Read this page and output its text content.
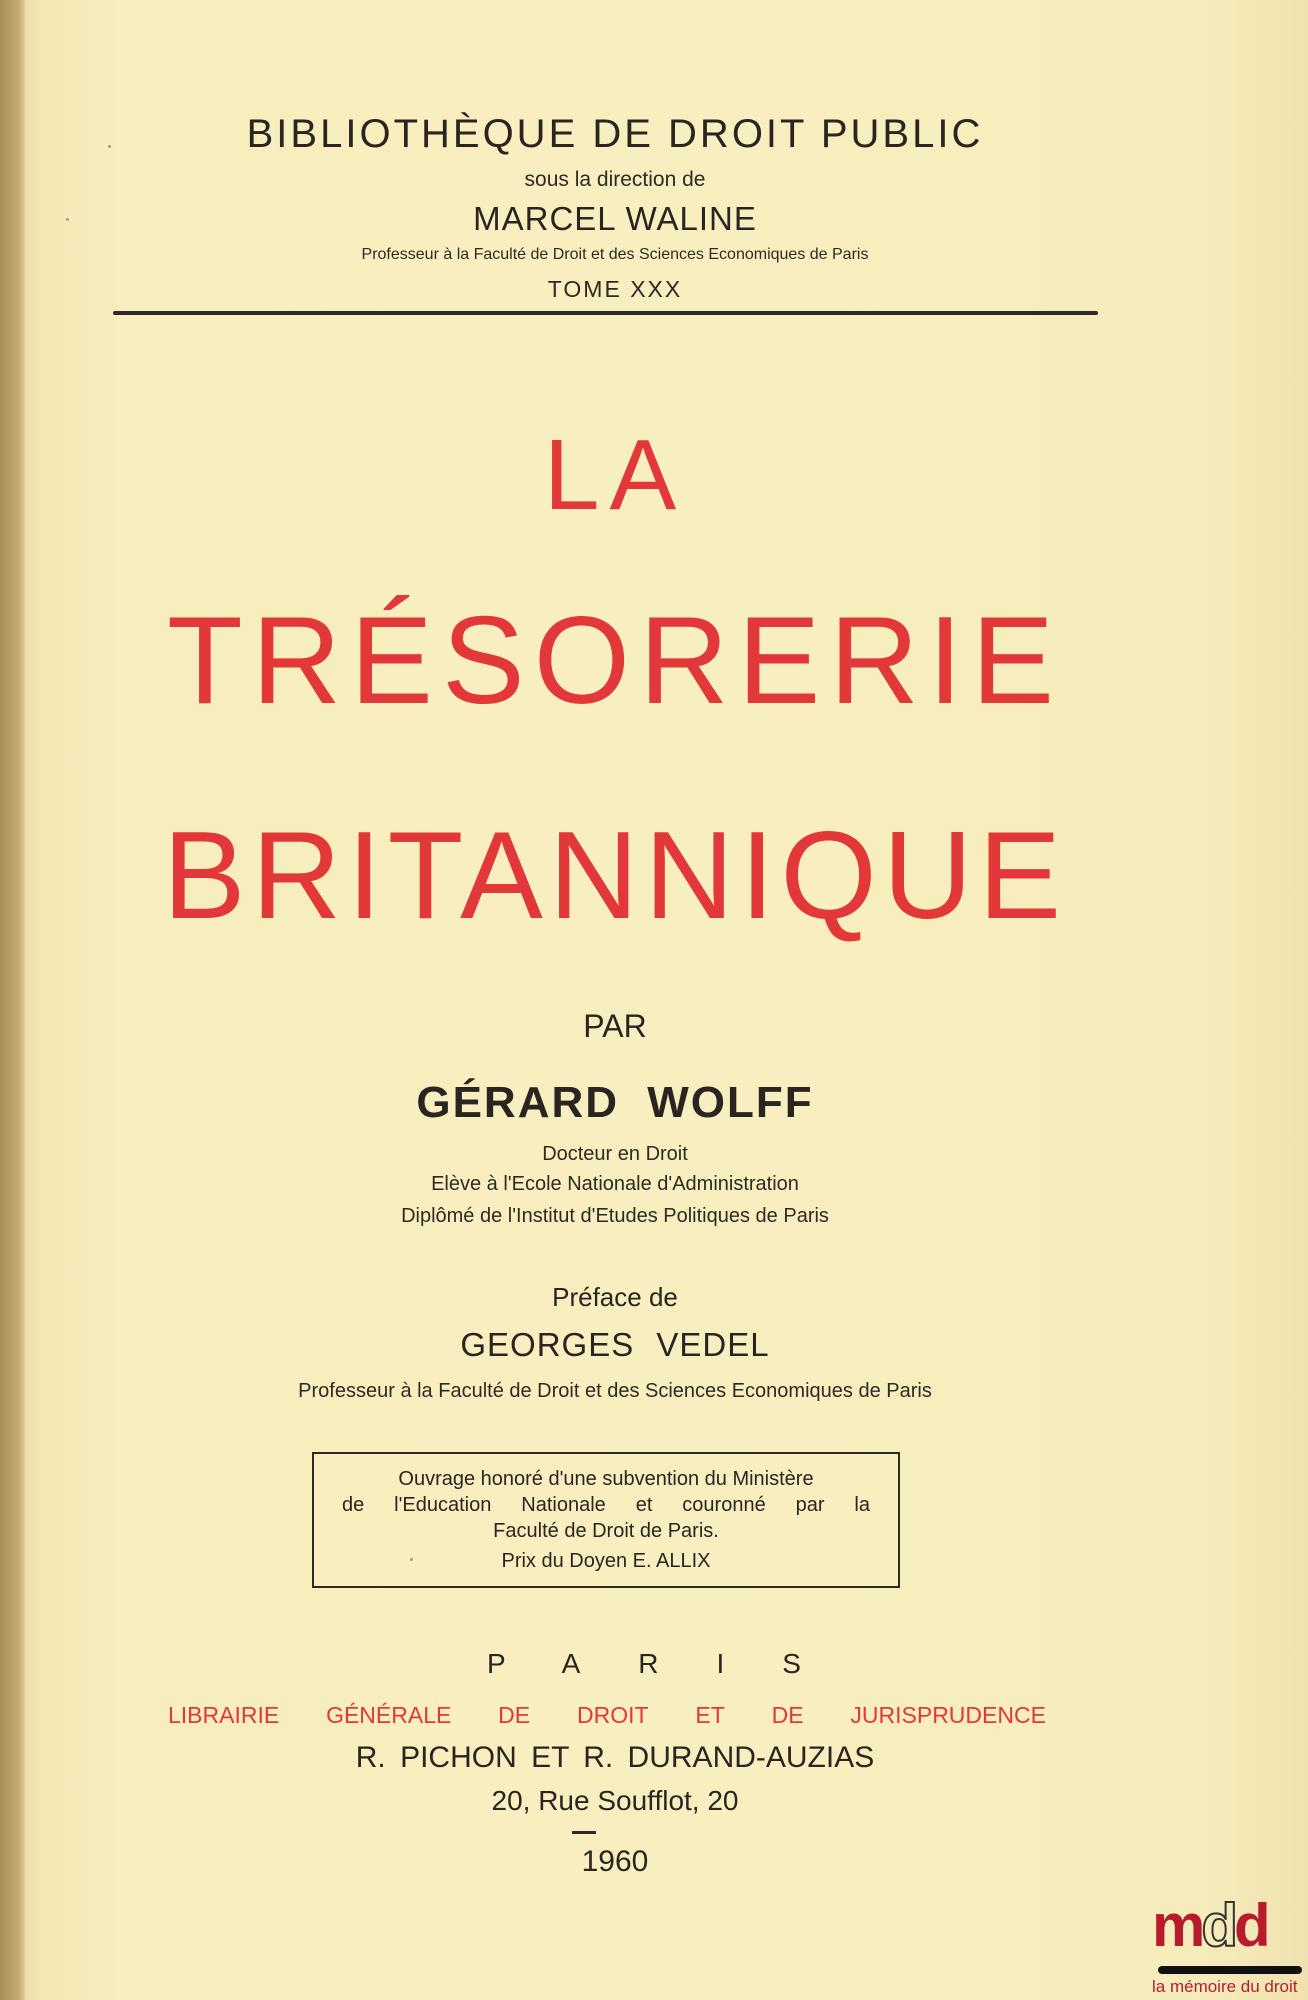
BIBLIOTHÈQUE DE DROIT PUBLIC
sous la direction de
MARCEL WALINE
Professeur à la Faculté de Droit et des Sciences Economiques de Paris
TOME XXX
LA
TRÉSORERIE
BRITANNIQUE
PAR
GÉRARD WOLFF
Docteur en Droit
Elève à l'Ecole Nationale d'Administration
Diplômé de l'Institut d'Etudes Politiques de Paris
Préface de
GEORGES VEDEL
Professeur à la Faculté de Droit et des Sciences Economiques de Paris
Ouvrage honoré d'une subvention du Ministère
de l'Education Nationale et couronné par la
Faculté de Droit de Paris.
Prix du Doyen E. ALLIX
PARIS
LIBRAIRIE GÉNÉRALE DE DROIT ET DE JURISPRUDENCE
R. PICHON ET R. DURAND-AUZIAS
20, Rue Soufflot, 20
1960
mdd
la mémoire du droit
